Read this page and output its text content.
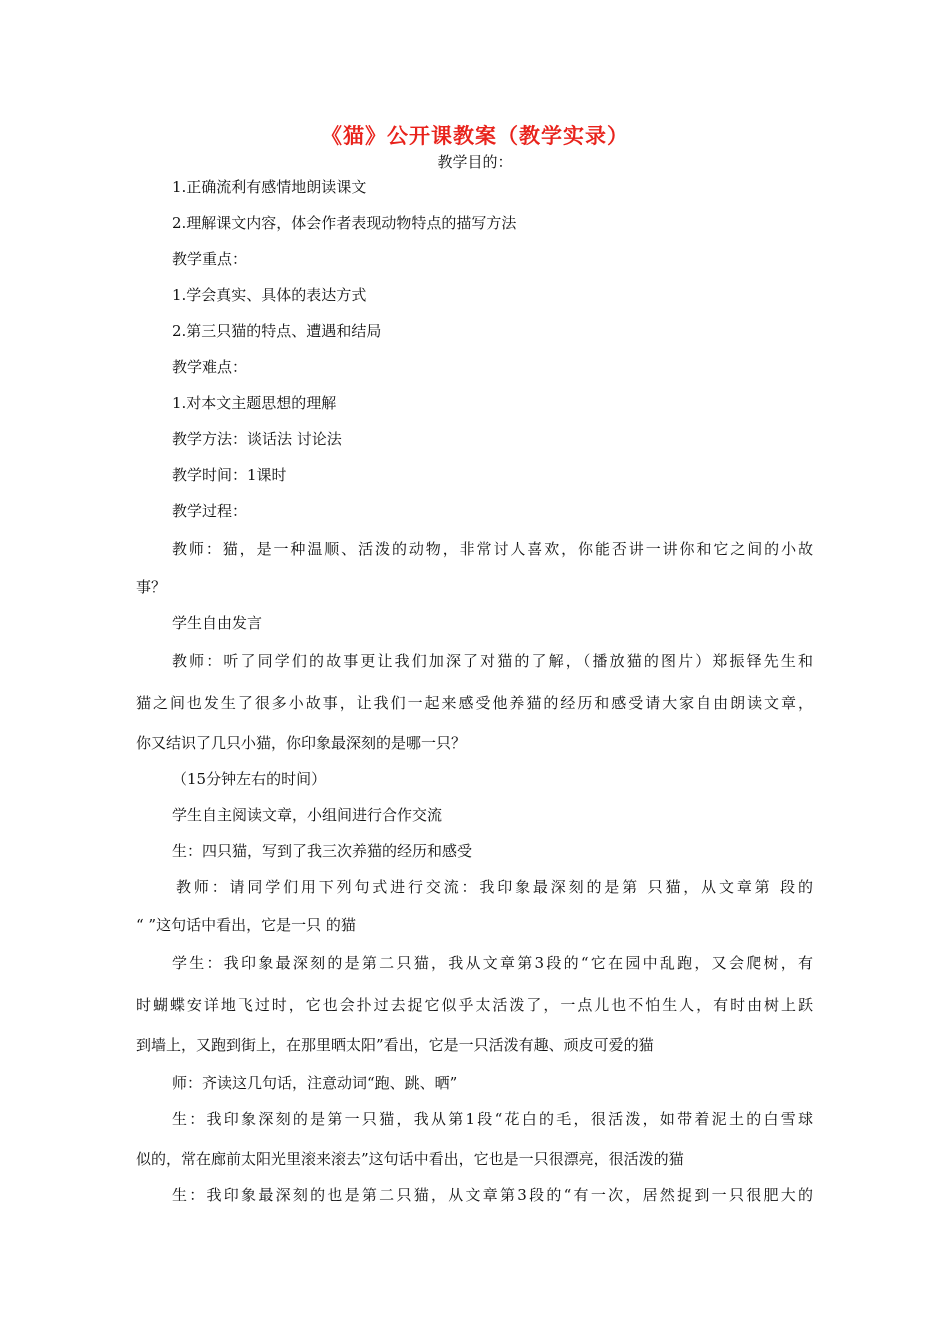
《猫》公开课教案（教学实录）
教学目的：
1.正确流利有感情地朗读课文
2.理解课文内容，体会作者表现动物特点的描写方法
教学重点：
1.学会真实、具体的表达方式
2.第三只猫的特点、遭遇和结局
教学难点：
1.对本文主题思想的理解
教学方法：谈话法 讨论法
教学时间：1课时
教学过程：
教师：猫，是一种温顺、活泼的动物，非常讨人喜欢，你能否讲一讲你和它之间的小故
事？
学生自由发言
教师：听了同学们的故事更让我们加深了对猫的了解，（播放猫的图片）郑振铎先生和
猫之间也发生了很多小故事，让我们一起来感受他养猫的经历和感受请大家自由朗读文章，
你又结识了几只小猫，你印象最深刻的是哪一只？
（15分钟左右的时间）
学生自主阅读文章，小组间进行合作交流
生：四只猫，写到了我三次养猫的经历和感受
教师：请同学们用下列句式进行交流：我印象最深刻的是第 只猫，从文章第 段的
“ ”这句话中看出，它是一只 的猫
学生：我印象最深刻的是第二只猫，我从文章第3段的“它在园中乱跑，又会爬树，有
时蝴蝶安详地飞过时，它也会扑过去捉它似乎太活泼了，一点儿也不怕生人，有时由树上跃
到墙上，又跑到街上，在那里晒太阳”看出，它是一只活泼有趣、顽皮可爱的猫
师：齐读这几句话，注意动词“跑、跳、晒”
生：我印象深刻的是第一只猫，我从第1段“花白的毛，很活泼，如带着泥土的白雪球
似的，常在廊前太阳光里滚来滚去”这句话中看出，它也是一只很漂亮，很活泼的猫
生：我印象最深刻的也是第二只猫，从文章第3段的“有一次，居然捉到一只很肥大的
